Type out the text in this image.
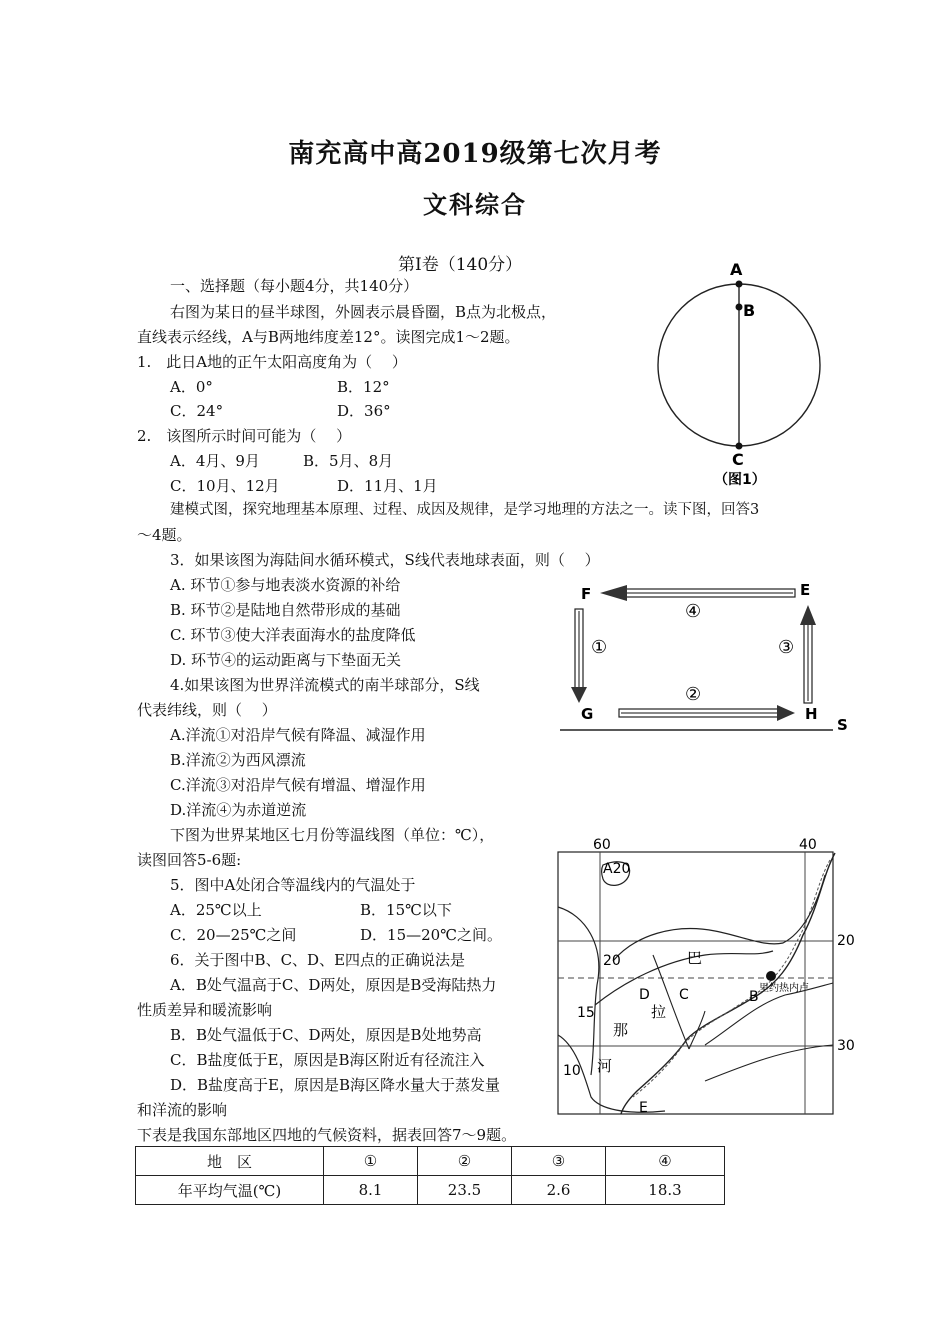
南充高中高2019级第七次月考
文科综合
第Ⅰ卷（140分）
一、选择题（每小题4分，共140分）
右图为某日的昼半球图，外圆表示晨昏圈，B点为北极点，
直线表示经线，A与B两地纬度差12°。读图完成1～2题。
1.　此日A地的正午太阳高度角为（　 ）
A．0°	B．12°
C．24°	D．36°
2.　该图所示时间可能为（　 ）
A．4月、9月	B．5月、8月
C．10月、12月	D．11月、1月
A
B
C
（图1）
建模式图，探究地理基本原理、过程、成因及规律，是学习地理的方法之一。读下图，回答3
～4题。
3．如果该图为海陆间水循环模式，S线代表地球表面，则（　 ）
A. 环节①参与地表淡水资源的补给
B. 环节②是陆地自然带形成的基础
C. 环节③使大洋表面海水的盐度降低
D. 环节④的运动距离与下垫面无关
4.如果该图为世界洋流模式的南半球部分，S线
代表纬线，则（　 ）
A.洋流①对沿岸气候有降温、减湿作用
B.洋流②为西风漂流
C.洋流③对沿岸气候有增温、增湿作用
D.洋流④为赤道逆流
F	E
G	H
S
④
①	③
②
下图为世界某地区七月份等温线图（单位：℃），
读图回答5-6题:
5．图中A处闭合等温线内的气温处于
A．25℃以上	B．15℃以下
C．20—25℃之间	D．15—20℃之间。
6．关于图中B、C、D、E四点的正确说法是
A．B处气温高于C、D两处，原因是B受海陆热力
性质差异和暖流影响
B．B处气温低于C、D两处，原因是B处地势高
C．B盐度低于E，原因是B海区附近有径流注入
D．B盐度高于E，原因是B海区降水量大于蒸发量
和洋流的影响
60	40
20
30
A20
20
15
10
巴
拉
那
河
D C	B
E
里约热内卢
下表是我国东部地区四地的气候资料，据表回答7～9题。
地　区	①	②	③	④
年平均气温(℃)	8.1	23.5	2.6	18.3
